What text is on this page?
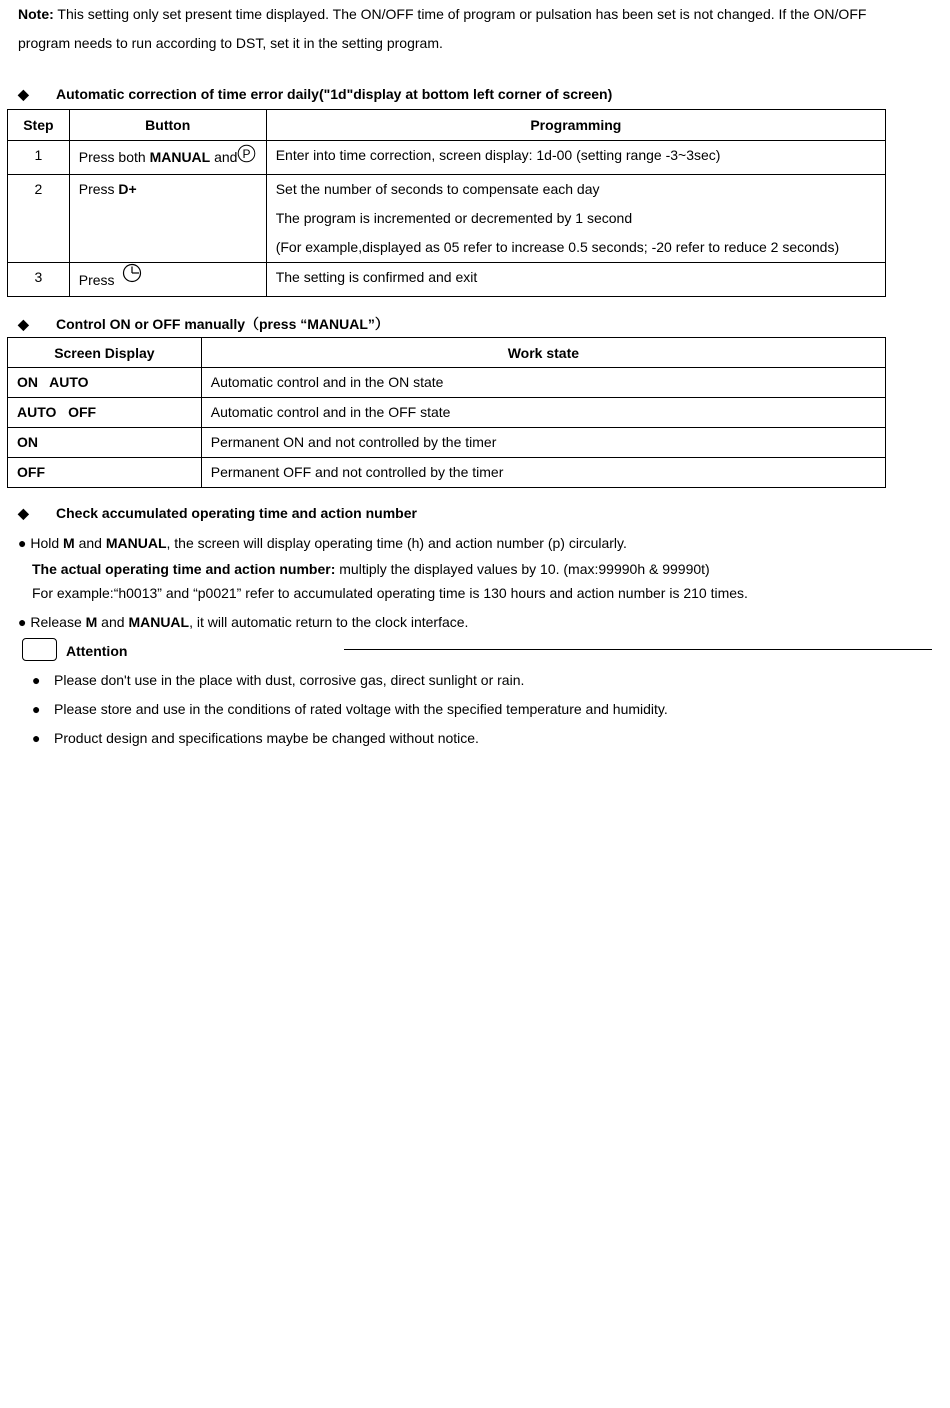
Note: This setting only set present time displayed. The ON/OFF time of program or pulsation has been set is not changed. If the ON/OFF
program needs to run according to DST, set it in the setting program.
◆ Automatic correction of time error daily("1d"display at bottom left corner of screen)
Step	Button	Programming
1	Press both MANUAL and P	Enter into time correction, screen display: 1d-00 (setting range -3~3sec)
2	Press D+	Set the number of seconds to compensate each day
The program is incremented or decremented by 1 second
(For example,displayed as 05 refer to increase 0.5 seconds; -20 refer to reduce 2 seconds)

3	Press	The setting is confirmed and exit
◆ Control ON or OFF manually（press “MANUAL”）
Screen Display	Work state
ON   AUTO	Automatic control and in the ON state
AUTO   OFF	Automatic control and in the OFF state
ON	Permanent ON and not controlled by the timer
OFF	Permanent OFF and not controlled by the timer
◆ Check accumulated operating time and action number
● Hold M and MANUAL, the screen will display operating time (h) and action number (p) circularly.
The actual operating time and action number: multiply the displayed values by 10. (max:99990h & 99990t)
For example:“h0013” and “p0021” refer to accumulated operating time is 130 hours and action number is 210 times.
● Release M and MANUAL, it will automatic return to the clock interface.
Attention
● Please don't use in the place with dust, corrosive gas, direct sunlight or rain.
● Please store and use in the conditions of rated voltage with the specified temperature and humidity.
● Product design and specifications maybe be changed without notice.
